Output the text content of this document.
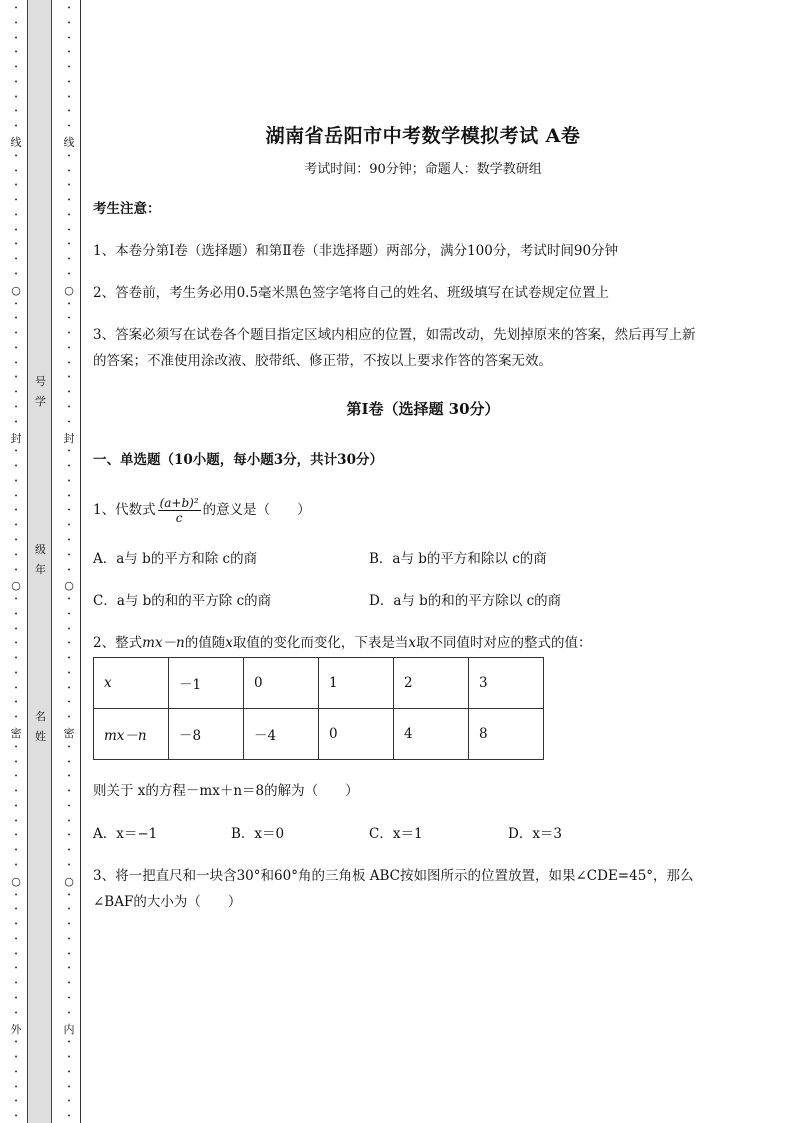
•
•
•
•
•
•
•
•
•
线
•
•
•
•
•
•
•
•
•
○
•
•
•
•
•
•
•
•
•
封
•
•
•
•
•
•
•
•
•
○
•
•
•
•
•
•
•
•
•
密
•
•
•
•
•
•
•
•
•
○
•
•
•
•
•
•
•
•
•
外
•
•
•
•
•
•
号
学
级
年
名
姓
•
•
•
•
•
•
•
•
•
线
•
•
•
•
•
•
•
•
•
○
•
•
•
•
•
•
•
•
•
封
•
•
•
•
•
•
•
•
•
○
•
•
•
•
•
•
•
•
•
密
•
•
•
•
•
•
•
•
•
○
•
•
•
•
•
•
•
•
•
内
•
•
•
•
•
•
湖南省岳阳市中考数学模拟考试 A卷
考试时间：90分钟；命题人：数学教研组
考生注意：
1、本卷分第Ⅰ卷（选择题）和第Ⅱ卷（非选择题）两部分，满分100分，考试时间90分钟
2、答卷前，考生务必用0.5毫米黑色签字笔将自己的姓名、班级填写在试卷规定位置上
3、答案必须写在试卷各个题目指定区域内相应的位置，如需改动，先划掉原来的答案，然后再写上新
的答案；不准使用涂改液、胶带纸、修正带，不按以上要求作答的答案无效。
第Ⅰ卷（选择题 30分）
一、单选题（10小题，每小题3分，共计30分）
1、代数式 $\frac{\text{(a+b)²}}{c}$ 的意义是（　　）
A．a与 b的平方和除 c的商	B．a与 b的平方和除以 c的商
C．a与 b的和的平方除 c的商	D．a与 b的和的平方除以 c的商
2、整式mx－n的值随x取值的变化而变化，下表是当x取不同值时对应的整式的值：
x	－1	0	1	2	3
mx－n	－8	－4	0	4	8
则关于 x的方程－mx＋n＝8的解为（　　）
A．x＝−1	B．x＝0	C．x＝1	D．x＝3
3、将一把直尺和一块含30°和60°角的三角板 ABC按如图所示的位置放置，如果∠CDE=45°，那么
∠BAF的大小为（　　）
